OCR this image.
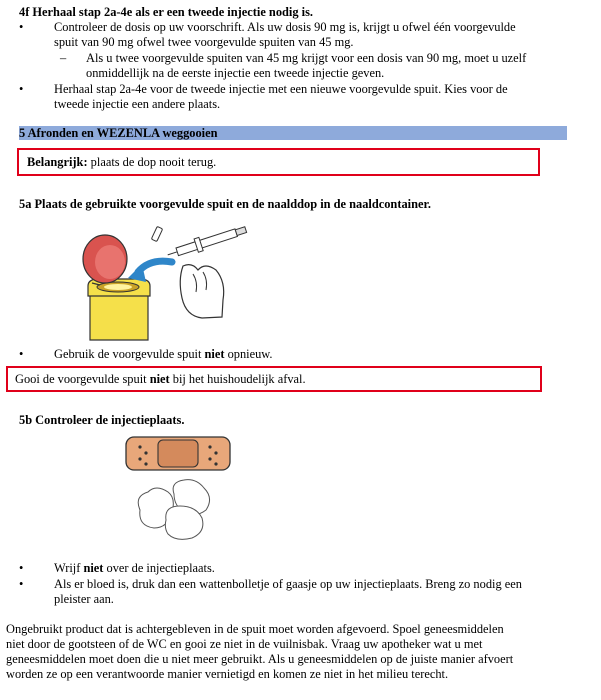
4f Herhaal stap 2a-4e als er een tweede injectie nodig is.
• Controleer de dosis op uw voorschrift. Als uw dosis 90 mg is, krijgt u ofwel één voorgevulde
spuit van 90 mg ofwel twee voorgevulde spuiten van 45 mg.
– Als u twee voorgevulde spuiten van 45 mg krijgt voor een dosis van 90 mg, moet u uzelf
onmiddellijk na de eerste injectie een tweede injectie geven.
• Herhaal stap 2a-4e voor de tweede injectie met een nieuwe voorgevulde spuit. Kies voor de
tweede injectie een andere plaats.
5 Afronden en WEZENLA weggooien
Belangrijk: plaats de dop nooit terug.
5a Plaats de gebruikte voorgevulde spuit en de naalddop in de naaldcontainer.
• Gebruik de voorgevulde spuit niet opnieuw.
Gooi de voorgevulde spuit niet bij het huishoudelijk afval.
5b Controleer de injectieplaats.
• Wrijf niet over de injectieplaats.
• Als er bloed is, druk dan een wattenbolletje of gaasje op uw injectieplaats. Breng zo nodig een
pleister aan.
Ongebruikt product dat is achtergebleven in de spuit moet worden afgevoerd. Spoel geneesmiddelen
niet door de gootsteen of de WC en gooi ze niet in de vuilnisbak. Vraag uw apotheker wat u met
geneesmiddelen moet doen die u niet meer gebruikt. Als u geneesmiddelen op de juiste manier afvoert
worden ze op een verantwoorde manier vernietigd en komen ze niet in het milieu terecht.
